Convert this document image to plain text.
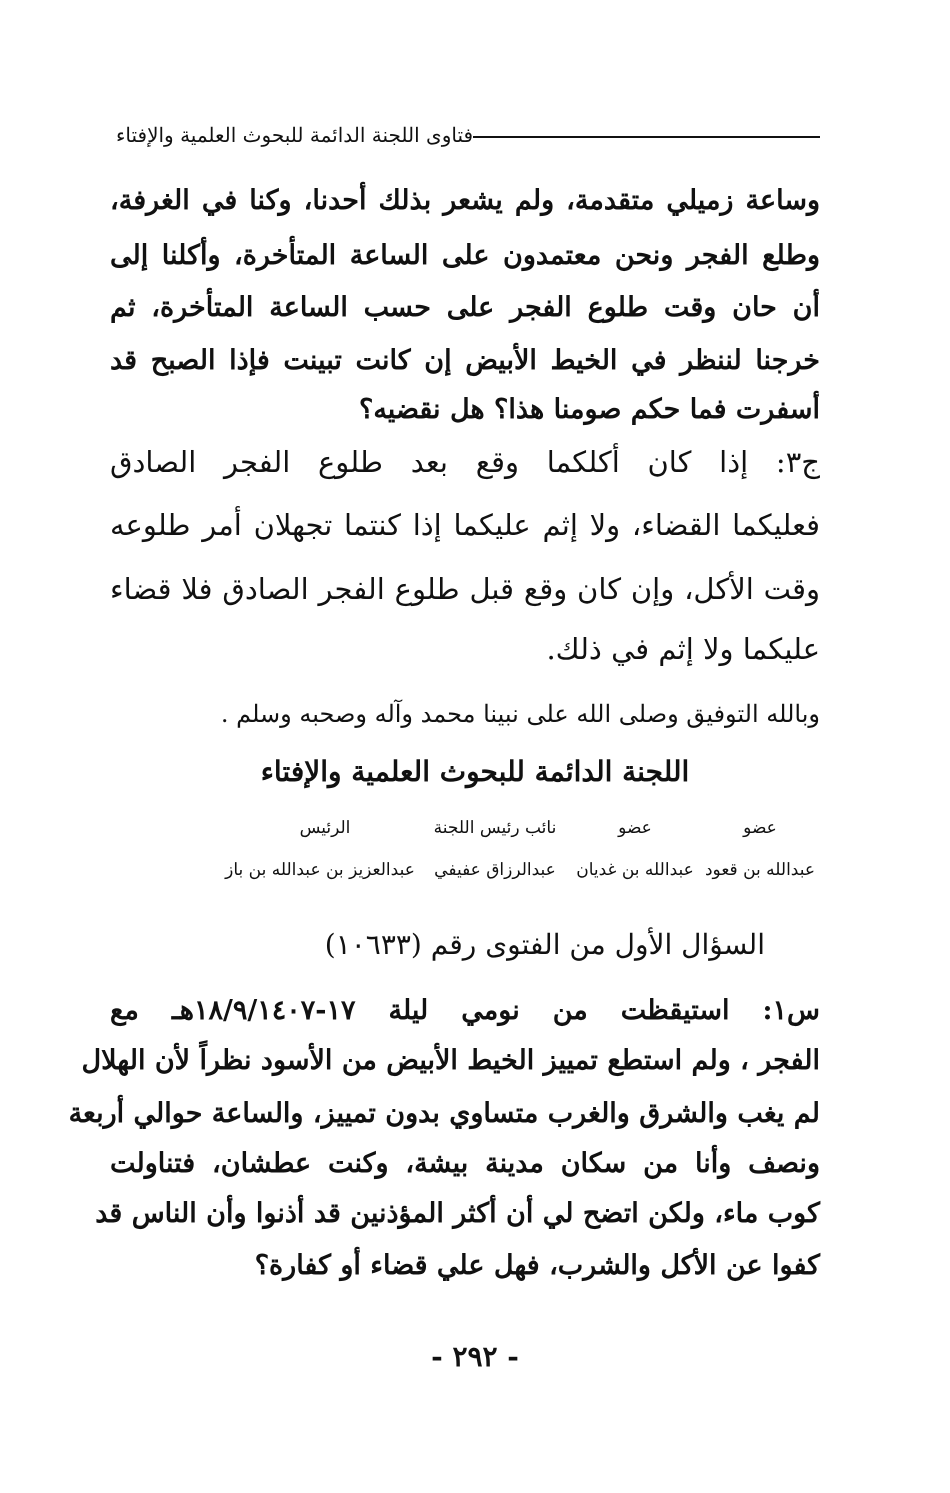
فتاوى اللجنة الدائمة للبحوث العلمية والإفتاء
وساعة زميلي متقدمة، ولم يشعر بذلك أحدنا، وكنا في الغرفة،
وطلع الفجر ونحن معتمدون على الساعة المتأخرة، وأكلنا إلى
أن حان وقت طلوع الفجر على حسب الساعة المتأخرة، ثم
خرجنا لننظر في الخيط الأبيض إن كانت تبينت فإذا الصبح قد
أسفرت فما حكم صومنا هذا؟ هل نقضيه؟
ج٣: إذا كان أكلكما وقع بعد طلوع الفجر الصادق
فعليكما القضاء، ولا إثم عليكما إذا كنتما تجهلان أمر طلوعه
وقت الأكل، وإن كان وقع قبل طلوع الفجر الصادق فلا قضاء
عليكما ولا إثم في ذلك.
وبالله التوفيق وصلى الله على نبينا محمد وآله وصحبه وسلم .
اللجنة الدائمة للبحوث العلمية والإفتاء
عضو
عضو
نائب رئيس اللجنة
الرئيس
عبدالله بن قعود
عبدالله بن غديان
عبدالرزاق عفيفي
عبدالعزيز بن عبدالله بن باز
السؤال الأول من الفتوى رقم (١٠٦٣٣)
س١: استيقظت من نومي ليلة ١٧-١٨/٩/١٤٠٧هـ مع
الفجر ، ولم استطع تمييز الخيط الأبيض من الأسود نظراً لأن الهلال
لم يغب والشرق والغرب متساوي بدون تمييز، والساعة حوالي أربعة
ونصف وأنا من سكان مدينة بيشة، وكنت عطشان، فتناولت
كوب ماء، ولكن اتضح لي أن أكثر المؤذنين قد أذنوا وأن الناس قد
كفوا عن الأكل والشرب، فهل علي قضاء أو كفارة؟
- ٢٩٢ -
